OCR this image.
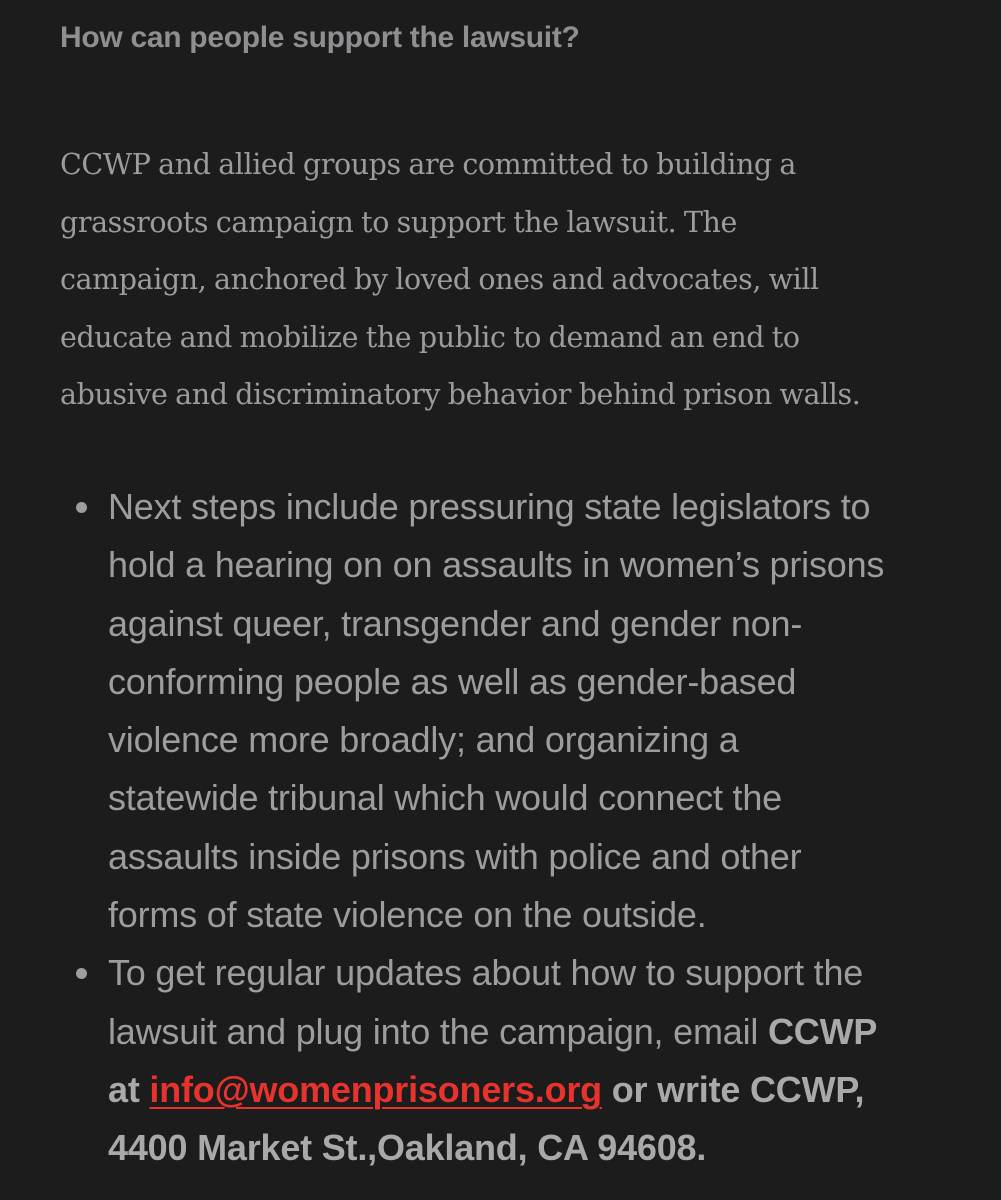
How can people support the lawsuit?

CCWP and allied groups are committed to building a
grassroots campaign to support the lawsuit. The
campaign, anchored by loved ones and advocates, will
educate and mobilize the public to demand an end to
abusive and discriminatory behavior behind prison walls.

Next steps include pressuring state legislators to
hold a hearing on on assaults in women’s prisons
against queer, transgender and gender non-
conforming people as well as gender-based
violence more broadly; and organizing a
statewide tribunal which would connect the
assaults inside prisons with police and other
forms of state violence on the outside.
To get regular updates about how to support the
lawsuit and plug into the campaign, email CCWP
at info@womenprisoners.org or write CCWP,
4400 Market St.,Oakland, CA 94608.
